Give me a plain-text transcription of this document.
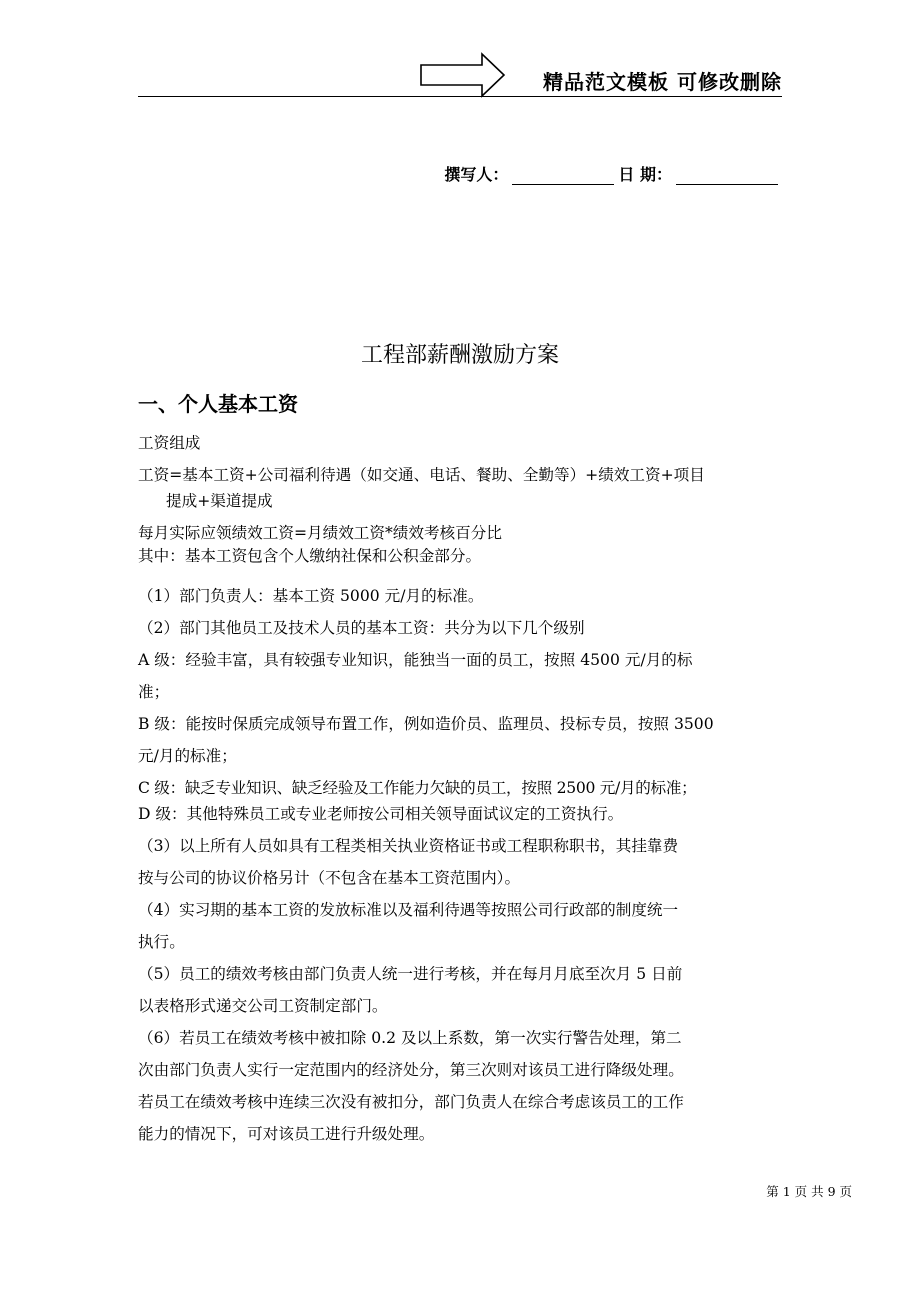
精品范文模板 可修改删除
撰写人：	日 期：
工程部薪酬激励方案
一、个人基本工资

工资组成

工资=基本工资+公司福利待遇（如交通、电话、餐助、全勤等）+绩效工资+项目

提成+渠道提成

每月实际应领绩效工资=月绩效工资*绩效考核百分比

其中：基本工资包含个人缴纳社保和公积金部分。

（1）部门负责人：基本工资 5000 元/月的标准。

（2）部门其他员工及技术人员的基本工资：共分为以下几个级别

A 级：经验丰富，具有较强专业知识，能独当一面的员工，按照 4500 元/月的标

准；

B 级：能按时保质完成领导布置工作，例如造价员、监理员、投标专员，按照 3500

元/月的标准；

C 级：缺乏专业知识、缺乏经验及工作能力欠缺的员工，按照 2500 元/月的标准；

D 级：其他特殊员工或专业老师按公司相关领导面试议定的工资执行。

（3）以上所有人员如具有工程类相关执业资格证书或工程职称职书，其挂靠费

按与公司的协议价格另计（不包含在基本工资范围内）。

（4）实习期的基本工资的发放标准以及福利待遇等按照公司行政部的制度统一

执行。

（5）员工的绩效考核由部门负责人统一进行考核，并在每月月底至次月 5 日前

以表格形式递交公司工资制定部门。

（6）若员工在绩效考核中被扣除 0.2 及以上系数，第一次实行警告处理，第二

次由部门负责人实行一定范围内的经济处分，第三次则对该员工进行降级处理。

若员工在绩效考核中连续三次没有被扣分，部门负责人在综合考虑该员工的工作

能力的情况下，可对该员工进行升级处理。

第 1 页 共 9 页
